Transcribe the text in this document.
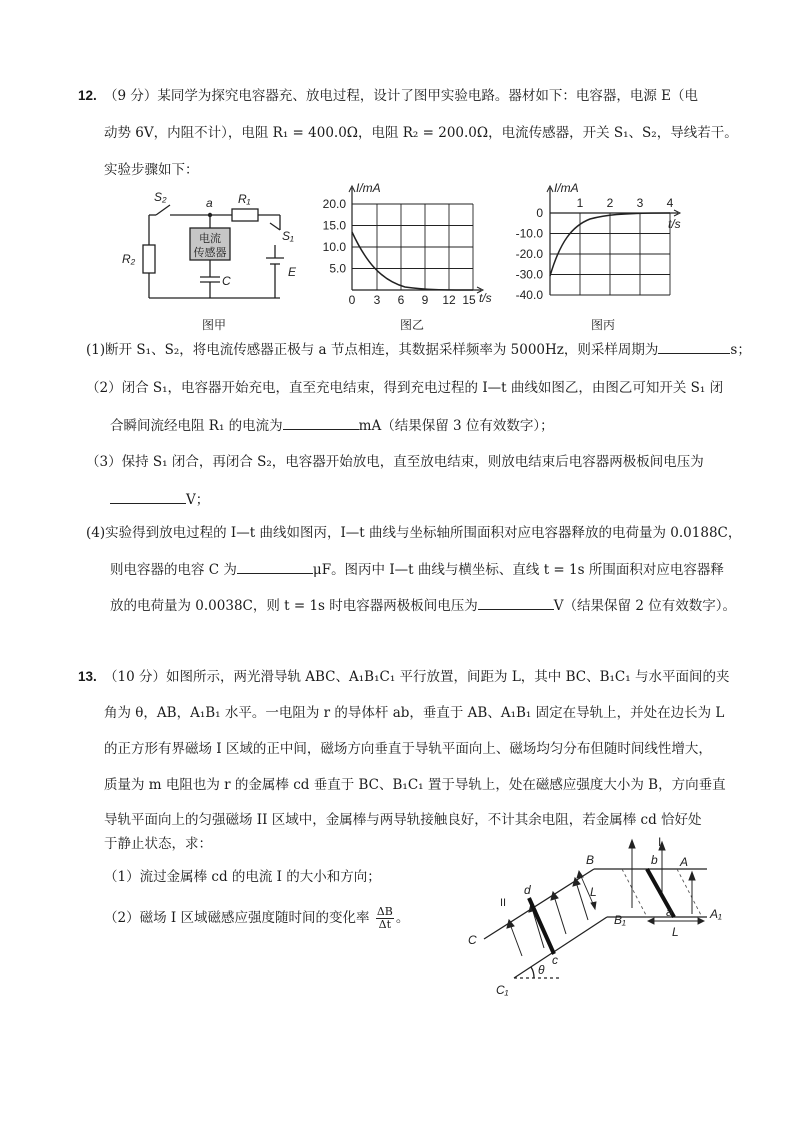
12. （9 分）某同学为探究电容器充、放电过程，设计了图甲实验电路。器材如下：电容器，电源 E（电
动势 6V，内阻不计），电阻 R₁ = 400.0Ω，电阻 R₂ = 200.0Ω，电流传感器，开关 S₁、S₂，导线若干。
实验步骤如下：
S₂	a R₁
S₁
R₂
C
E
电流
传感器
图甲
I/mA
t/s
20.0
15.0
10.0
5.0
0 3 6 9 12 15
图乙
I/mA
t/s
0
-10.0
-20.0
-30.0
-40.0
1 2 3 4
图丙
(1)断开 S₁、S₂，将电流传感器正极与 a 节点相连，其数据采样频率为 5000Hz，则采样周期为	s；
（2）闭合 S₁，电容器开始充电，直至充电结束，得到充电过程的 I—t 曲线如图乙，由图乙可知开关 S₁ 闭
合瞬间流经电阻 R₁ 的电流为	mA（结果保留 3 位有效数字）；
（3）保持 S₁ 闭合，再闭合 S₂，电容器开始放电，直至放电结束，则放电结束后电容器两极板间电压为
V；
(4)实验得到放电过程的 I—t 曲线如图丙，I—t 曲线与坐标轴所围面积对应电容器释放的电荷量为 0.0188C，
则电容器的电容 C 为	μF。图丙中 I—t 曲线与横坐标、直线 t = 1s 所围面积对应电容器释
放的电荷量为 0.0038C，则 t = 1s 时电容器两极板间电压为	V（结果保留 2 位有效数字）。
13. （10 分）如图所示，两光滑导轨 ABC、A₁B₁C₁ 平行放置，间距为 L，其中 BC、B₁C₁ 与水平面间的夹
角为 θ，AB，A₁B₁ 水平。一电阻为 r 的导体杆 ab，垂直于 AB、A₁B₁ 固定在导轨上，并处在边长为 L
的正方形有界磁场 I 区域的正中间，磁场方向垂直于导轨平面向上、磁场均匀分布但随时间线性增大，
质量为 m 电阻也为 r 的金属棒 cd 垂直于 BC、B₁C₁ 置于导轨上，处在磁感应强度大小为 B，方向垂直
导轨平面向上的匀强磁场 II 区域中，金属棒与两导轨接触良好，不计其余电阻，若金属棒 cd 恰好处
于静止状态，求：
（1）流过金属棒 cd 的电流 I 的大小和方向；
（2）磁场 I 区域磁感应强度随时间的变化率 $\frac{\Delta B}{\Delta t}$ 。
B	b
I
A
II
d	L
B₁
a	A₁
C
c
L
θ
C₁
